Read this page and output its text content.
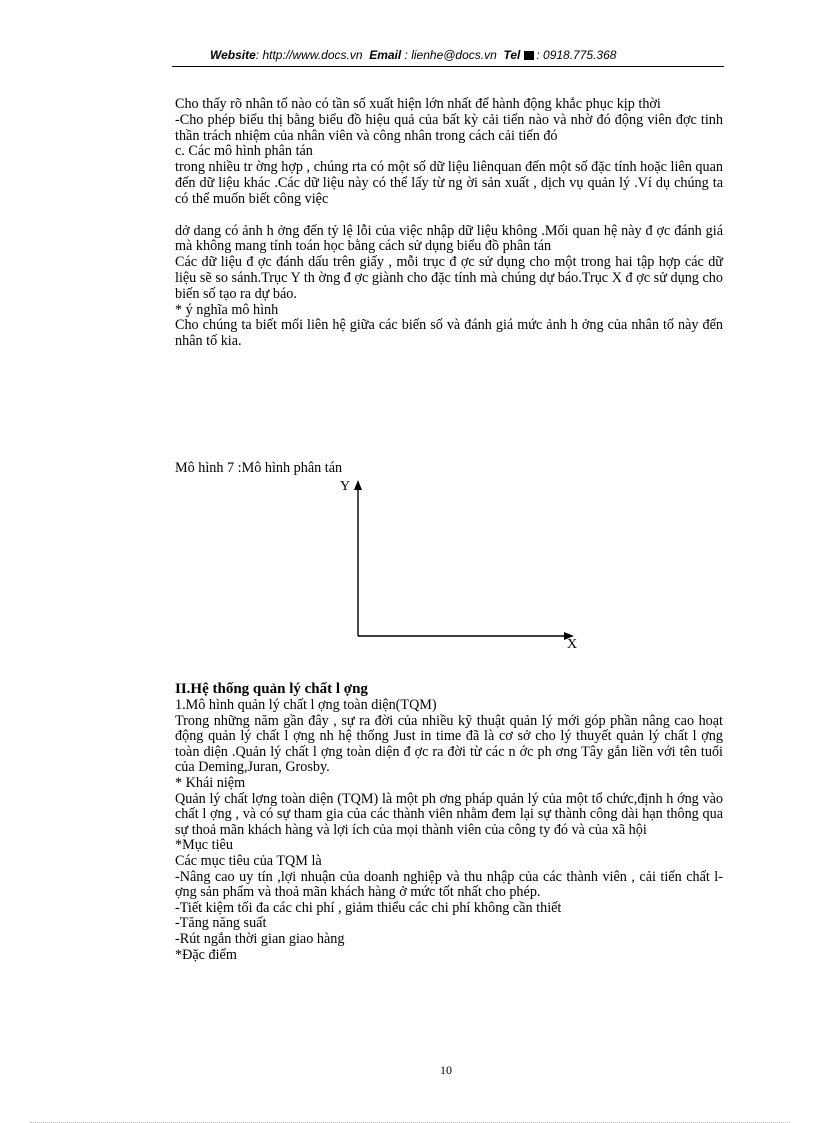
Website: http://www.docs.vn Email : lienhe@docs.vn Tel : 0918.775.368

Cho thấy rõ nhân tố nào có tần số xuất hiện lớn nhất để hành động khắc phục kịp thời

-Cho phép biểu thị bằng biểu đồ hiệu quả của bất kỳ cải tiến nào và nhờ đó động viên đợc tinh thần trách nhiệm của nhân viên và công nhân trong cách cải tiến đó

c. Các mô hình phân tán

trong nhiều tr ờng hợp , chúng rta có một số dữ liệu liênquan đến một số đặc tính hoặc liên quan đến dữ liệu khác .Các dữ liệu này có thể lấy từ ng ời sản xuất , dịch vụ quản lý .Ví dụ chúng ta có thể muốn biết công việc

dở dang có ảnh h ởng đến tỷ lệ lỗi của việc nhập dữ liệu không .Mối quan hệ này đ ợc đánh giá mà không mang tính toán học bằng cách sử dụng biểu đồ phân tán

Các dữ liệu đ ợc đánh dấu trên giấy , mỗi trục đ ợc sử dụng cho một trong hai tập hợp các dữ liệu sẽ so sánh.Trục Y th ờng đ ợc giành cho đặc tính mà chúng dự báo.Trục X đ ợc sử dụng cho biến số tạo ra dự báo.

* ý nghĩa mô hình

Cho chúng ta biết mối liên hệ giữa các biến số và đánh giá mức ảnh h ởng của nhân tố này đến nhân tố kia.

Mô hình 7 :Mô hình phân tán
Y
X
II.Hệ thống quản lý chất l ợng

1.Mô hình quản lý chất l ợng toàn diện(TQM)

Trong những năm gần đây , sự ra đời của nhiều kỹ thuật quản lý mới góp phần nâng cao hoạt động quản lý chất l ợng nh hệ thống Just in time đã là cơ sở cho lý thuyết quản lý chất l ợng toàn diện .Quản lý chất l ợng toàn diện đ ợc ra đời từ các n ớc ph ơng Tây gắn liền với tên tuổi của Deming,Juran, Grosby.

* Khái niệm

Quản lý chất lợng toàn diện (TQM) là một ph ơng pháp quản lý của một tổ chức,định h ớng vào chất l ợng , và có sự tham gia của các thành viên nhằm đem lại sự thành công dài hạn thông qua sự thoả mãn khách hàng và lợi ích của mọi thành viên của công ty đó và của xã hội

*Mục tiêu

Các mục tiêu của TQM là

-Nâng cao uy tín ,lợi nhuận của doanh nghiệp và thu nhập của các thành viên , cải tiến chất l ợng sản phẩm và thoả mãn khách hàng ở mức tốt nhất cho phép.

-Tiết kiệm tối đa các chi phí , giảm thiểu các chi phí không cần thiết

-Tăng năng suất

-Rút ngắn thời gian giao hàng

*Đặc điểm

10
